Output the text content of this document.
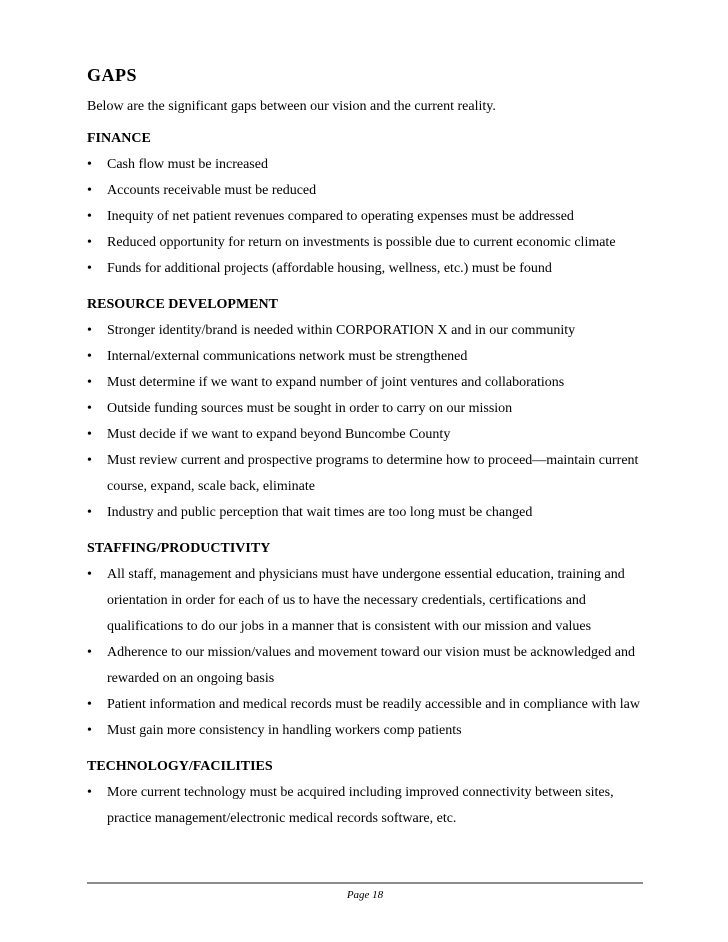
GAPS

Below are the significant gaps between our vision and the current reality.

FINANCE
• Cash flow must be increased
• Accounts receivable must be reduced
• Inequity of net patient revenues compared to operating expenses must be addressed
• Reduced opportunity for return on investments is possible due to current economic climate
• Funds for additional projects (affordable housing, wellness, etc.) must be found
RESOURCE DEVELOPMENT
• Stronger identity/brand is needed within CORPORATION X and in our community
• Internal/external communications network must be strengthened
• Must determine if we want to expand number of joint ventures and collaborations
• Outside funding sources must be sought in order to carry on our mission
• Must decide if we want to expand beyond Buncombe County
• Must review current and prospective programs to determine how to proceed—maintain current course, expand, scale back, eliminate
• Industry and public perception that wait times are too long must be changed
STAFFING/PRODUCTIVITY
• All staff, management and physicians must have undergone essential education, training and orientation in order for each of us to have the necessary credentials, certifications and qualifications to do our jobs in a manner that is consistent with our mission and values
• Adherence to our mission/values and movement toward our vision must be acknowledged and rewarded on an ongoing basis
• Patient information and medical records must be readily accessible and in compliance with law
• Must gain more consistency in handling workers comp patients
TECHNOLOGY/FACILITIES
• More current technology must be acquired including improved connectivity between sites, practice management/electronic medical records software, etc.
Page 18
